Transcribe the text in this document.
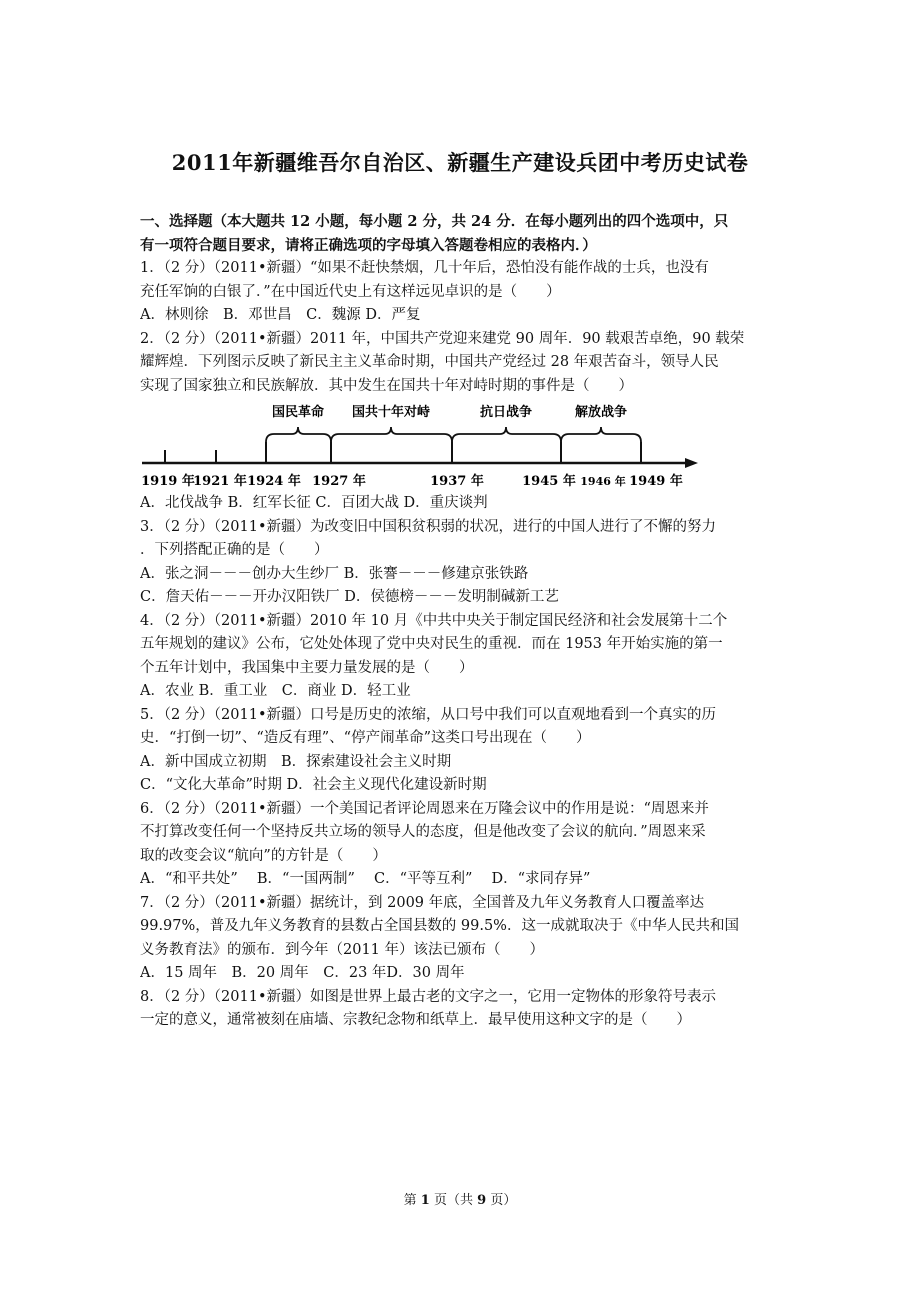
2011年新疆维吾尔自治区、新疆生产建设兵团中考历史试卷
一、选择题（本大题共 12 小题，每小题 2 分，共 24 分．在每小题列出的四个选项中，只
有一项符合题目要求，请将正确选项的字母填入答题卷相应的表格内．）
1．（2 分）（2011•新疆）“如果不赶快禁烟，几十年后，恐怕没有能作战的士兵，也没有
充任军饷的白银了．”在中国近代史上有这样远见卓识的是（　　）
A．林则徐　B．邓世昌　C．魏源 D．严复
2．（2 分）（2011•新疆）2011 年，中国共产党迎来建党 90 周年．90 载艰苦卓绝，90 载荣
耀辉煌．下列图示反映了新民主主义革命时期，中国共产党经过 28 年艰苦奋斗，领导人民
实现了国家独立和民族解放．其中发生在国共十年对峙时期的事件是（　　）
国民革命 国共十年对峙	抗日战争	解放战争
1919 年
1921 年 1924 年 1927 年	1937 年	1945 年 1946 年 1949 年
A．北伐战争 B．红军长征 C．百团大战 D．重庆谈判
3．（2 分）（2011•新疆）为改变旧中国积贫积弱的状况，进行的中国人进行了不懈的努力
．下列搭配正确的是（　　）
A．张之洞－－－创办大生纱厂 B．张謇－－－修建京张铁路
C．詹天佑－－－开办汉阳铁厂 D．侯德榜－－－发明制碱新工艺
4．（2 分）（2011•新疆）2010 年 10 月《中共中央关于制定国民经济和社会发展第十二个
五年规划的建议》公布，它处处体现了党中央对民生的重视．而在 1953 年开始实施的第一
个五年计划中，我国集中主要力量发展的是（　　）
A．农业 B．重工业　C．商业 D．轻工业
5．（2 分）（2011•新疆）口号是历史的浓缩，从口号中我们可以直观地看到一个真实的历
史．“打倒一切”、“造反有理”、“停产闹革命”这类口号出现在（　　）
A．新中国成立初期　B．探索建设社会主义时期
C．“文化大革命”时期 D．社会主义现代化建设新时期
6．（2 分）（2011•新疆）一个美国记者评论周恩来在万隆会议中的作用是说：“周恩来并
不打算改变任何一个坚持反共立场的领导人的态度，但是他改变了会议的航向．”周恩来采
取的改变会议“航向”的方针是（　　）
A．“和平共处”　 B．“一国两制”　 C．“平等互利”　 D．“求同存异”
7．（2 分）（2011•新疆）据统计，到 2009 年底，全国普及九年义务教育人口覆盖率达
99.97%，普及九年义务教育的县数占全国县数的 99.5%．这一成就取决于《中华人民共和国
义务教育法》的颁布．到今年（2011 年）该法已颁布（　　）
A．15 周年　B．20 周年　C．23 年D．30 周年
8．（2 分）（2011•新疆）如图是世界上最古老的文字之一，它用一定物体的形象符号表示
一定的意义，通常被刻在庙墙、宗教纪念物和纸草上．最早使用这种文字的是（　　）
第 1 页（共 9 页）
